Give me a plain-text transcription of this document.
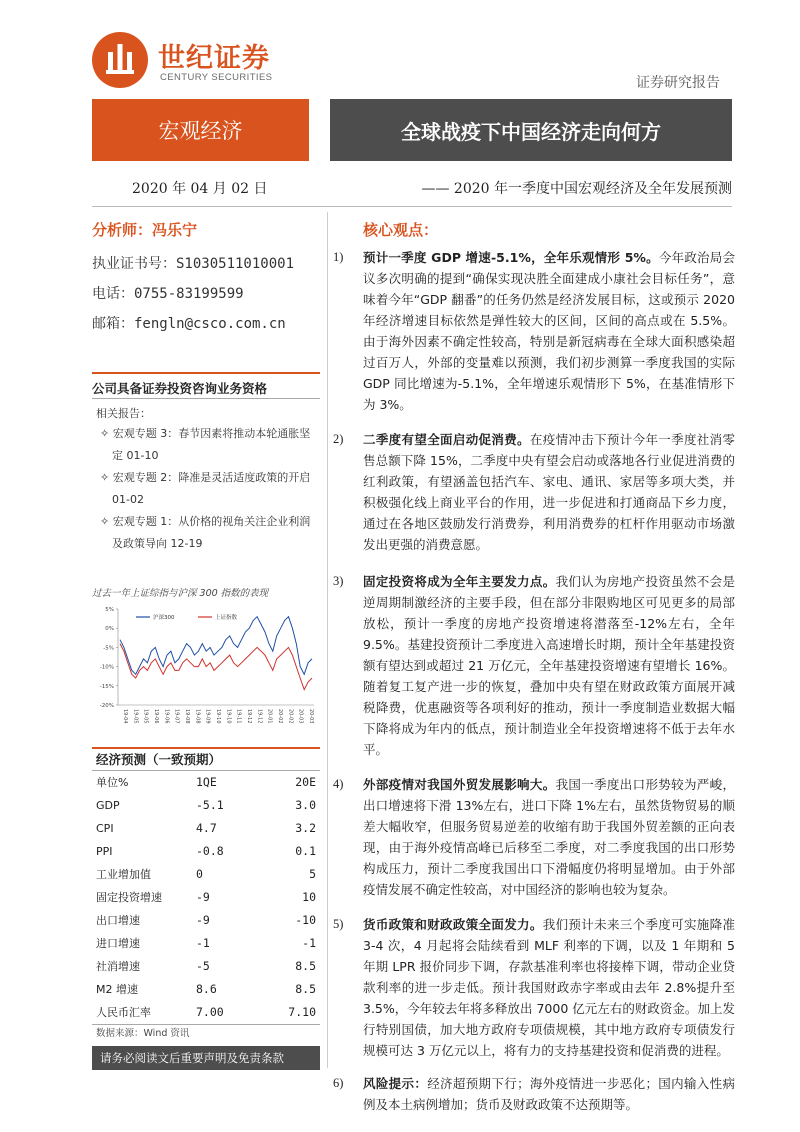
世纪证券
CENTURY SECURITIES	证券研究报告
宏观经济	全球战疫下中国经济走向何方
2020 年 04 月 02 日	—— 2020 年一季度中国宏观经济及全年发展预测
分析师：冯乐宁
执业证书号：S1030511010001
电话：0755-83199599
邮箱：fengln@csco.com.cn
公司具备证券投资咨询业务资格
相关报告：
✧ 宏观专题 3：春节因素将推动本轮通胀坚定 01-10
✧ 宏观专题 2：降准是灵活适度政策的开启 01-02
✧ 宏观专题 1：从价格的视角关注企业利润及政策导向 12-19
过去一年上证综指与沪深 300 指数的表现
5%
0%
-5%
-10%
-15%
-20%
19-04 19-05 19-05 19-06 19-06 19-07 19-08 19-08 19-09 19-10 19-10 19-11 19-12 19-12 20-01 20-02 20-02 20-03 20-03
沪深300	上证指数
经济预测（一致预期）
单位%	1QE	20E
GDP	-5.1	3.0
CPI	4.7	3.2
PPI	-0.8	0.1
工业增加值	0	5
固定投资增速	-9	10
出口增速	-9	-10
进口增速	-1	-1
社消增速	-5	8.5
M2 增速	8.6	8.5
人民币汇率	7.00	7.10
数据来源：Wind 资讯
请务必阅读文后重要声明及免责条款
核心观点：
1)	预计一季度 GDP 增速-5.1%，全年乐观情形 5%。今年政治局会议多次明确的提到“确保实现决胜全面建成小康社会目标任务”，意味着今年“GDP 翻番”的任务仍然是经济发展目标，这或预示 2020 年经济增速目标依然是弹性较大的区间，区间的高点或在 5.5%。由于海外因素不确定性较高，特别是新冠病毒在全球大面积感染超过百万人，外部的变量难以预测，我们初步测算一季度我国的实际 GDP 同比增速为-5.1%，全年增速乐观情形下 5%，在基准情形下为 3%。
2)	二季度有望全面启动促消费。在疫情冲击下预计今年一季度社消零售总额下降 15%，二季度中央有望会启动或落地各行业促进消费的红利政策，有望涵盖包括汽车、家电、通讯、家居等多项大类，并积极强化线上商业平台的作用，进一步促进和打通商品下乡力度，通过在各地区鼓励发行消费券，利用消费券的杠杆作用驱动市场激发出更强的消费意愿。
3)	固定投资将成为全年主要发力点。我们认为房地产投资虽然不会是逆周期制激经济的主要手段，但在部分非限购地区可见更多的局部放松，预计一季度的房地产投资增速将潜落至-12%左右，全年 9.5%。基建投资预计二季度进入高速增长时期，预计全年基建投资额有望达到或超过 21 万亿元，全年基建投资增速有望增长 16%。随着复工复产进一步的恢复，叠加中央有望在财政政策方面展开减税降费，优惠融资等各项利好的推动，预计一季度制造业数据大幅下降将成为年内的低点，预计制造业全年投资增速将不低于去年水平。
4)	外部疫情对我国外贸发展影响大。我国一季度出口形势较为严峻，出口增速将下滑 13%左右，进口下降 1%左右，虽然货物贸易的顺差大幅收窄，但服务贸易逆差的收缩有助于我国外贸差额的正向表现，由于海外疫情高峰已后移至二季度，对二季度我国的出口形势构成压力，预计二季度我国出口下滑幅度仍将明显增加。由于外部疫情发展不确定性较高，对中国经济的影响也较为复杂。
5)	货币政策和财政政策全面发力。我们预计未来三个季度可实施降准 3-4 次，4 月起将会陆续看到 MLF 利率的下调，以及 1 年期和 5 年期 LPR 报价同步下调，存款基准利率也将接棒下调，带动企业贷款利率的进一步走低。预计我国财政赤字率或由去年 2.8%提升至 3.5%，今年较去年将多释放出 7000 亿元左右的财政资金。加上发行特别国债，加大地方政府专项债规模，其中地方政府专项债发行规模可达 3 万亿元以上，将有力的支持基建投资和促消费的进程。
6)	风险提示：经济超预期下行；海外疫情进一步恶化；国内输入性病例及本土病例增加；货币及财政政策不达预期等。
